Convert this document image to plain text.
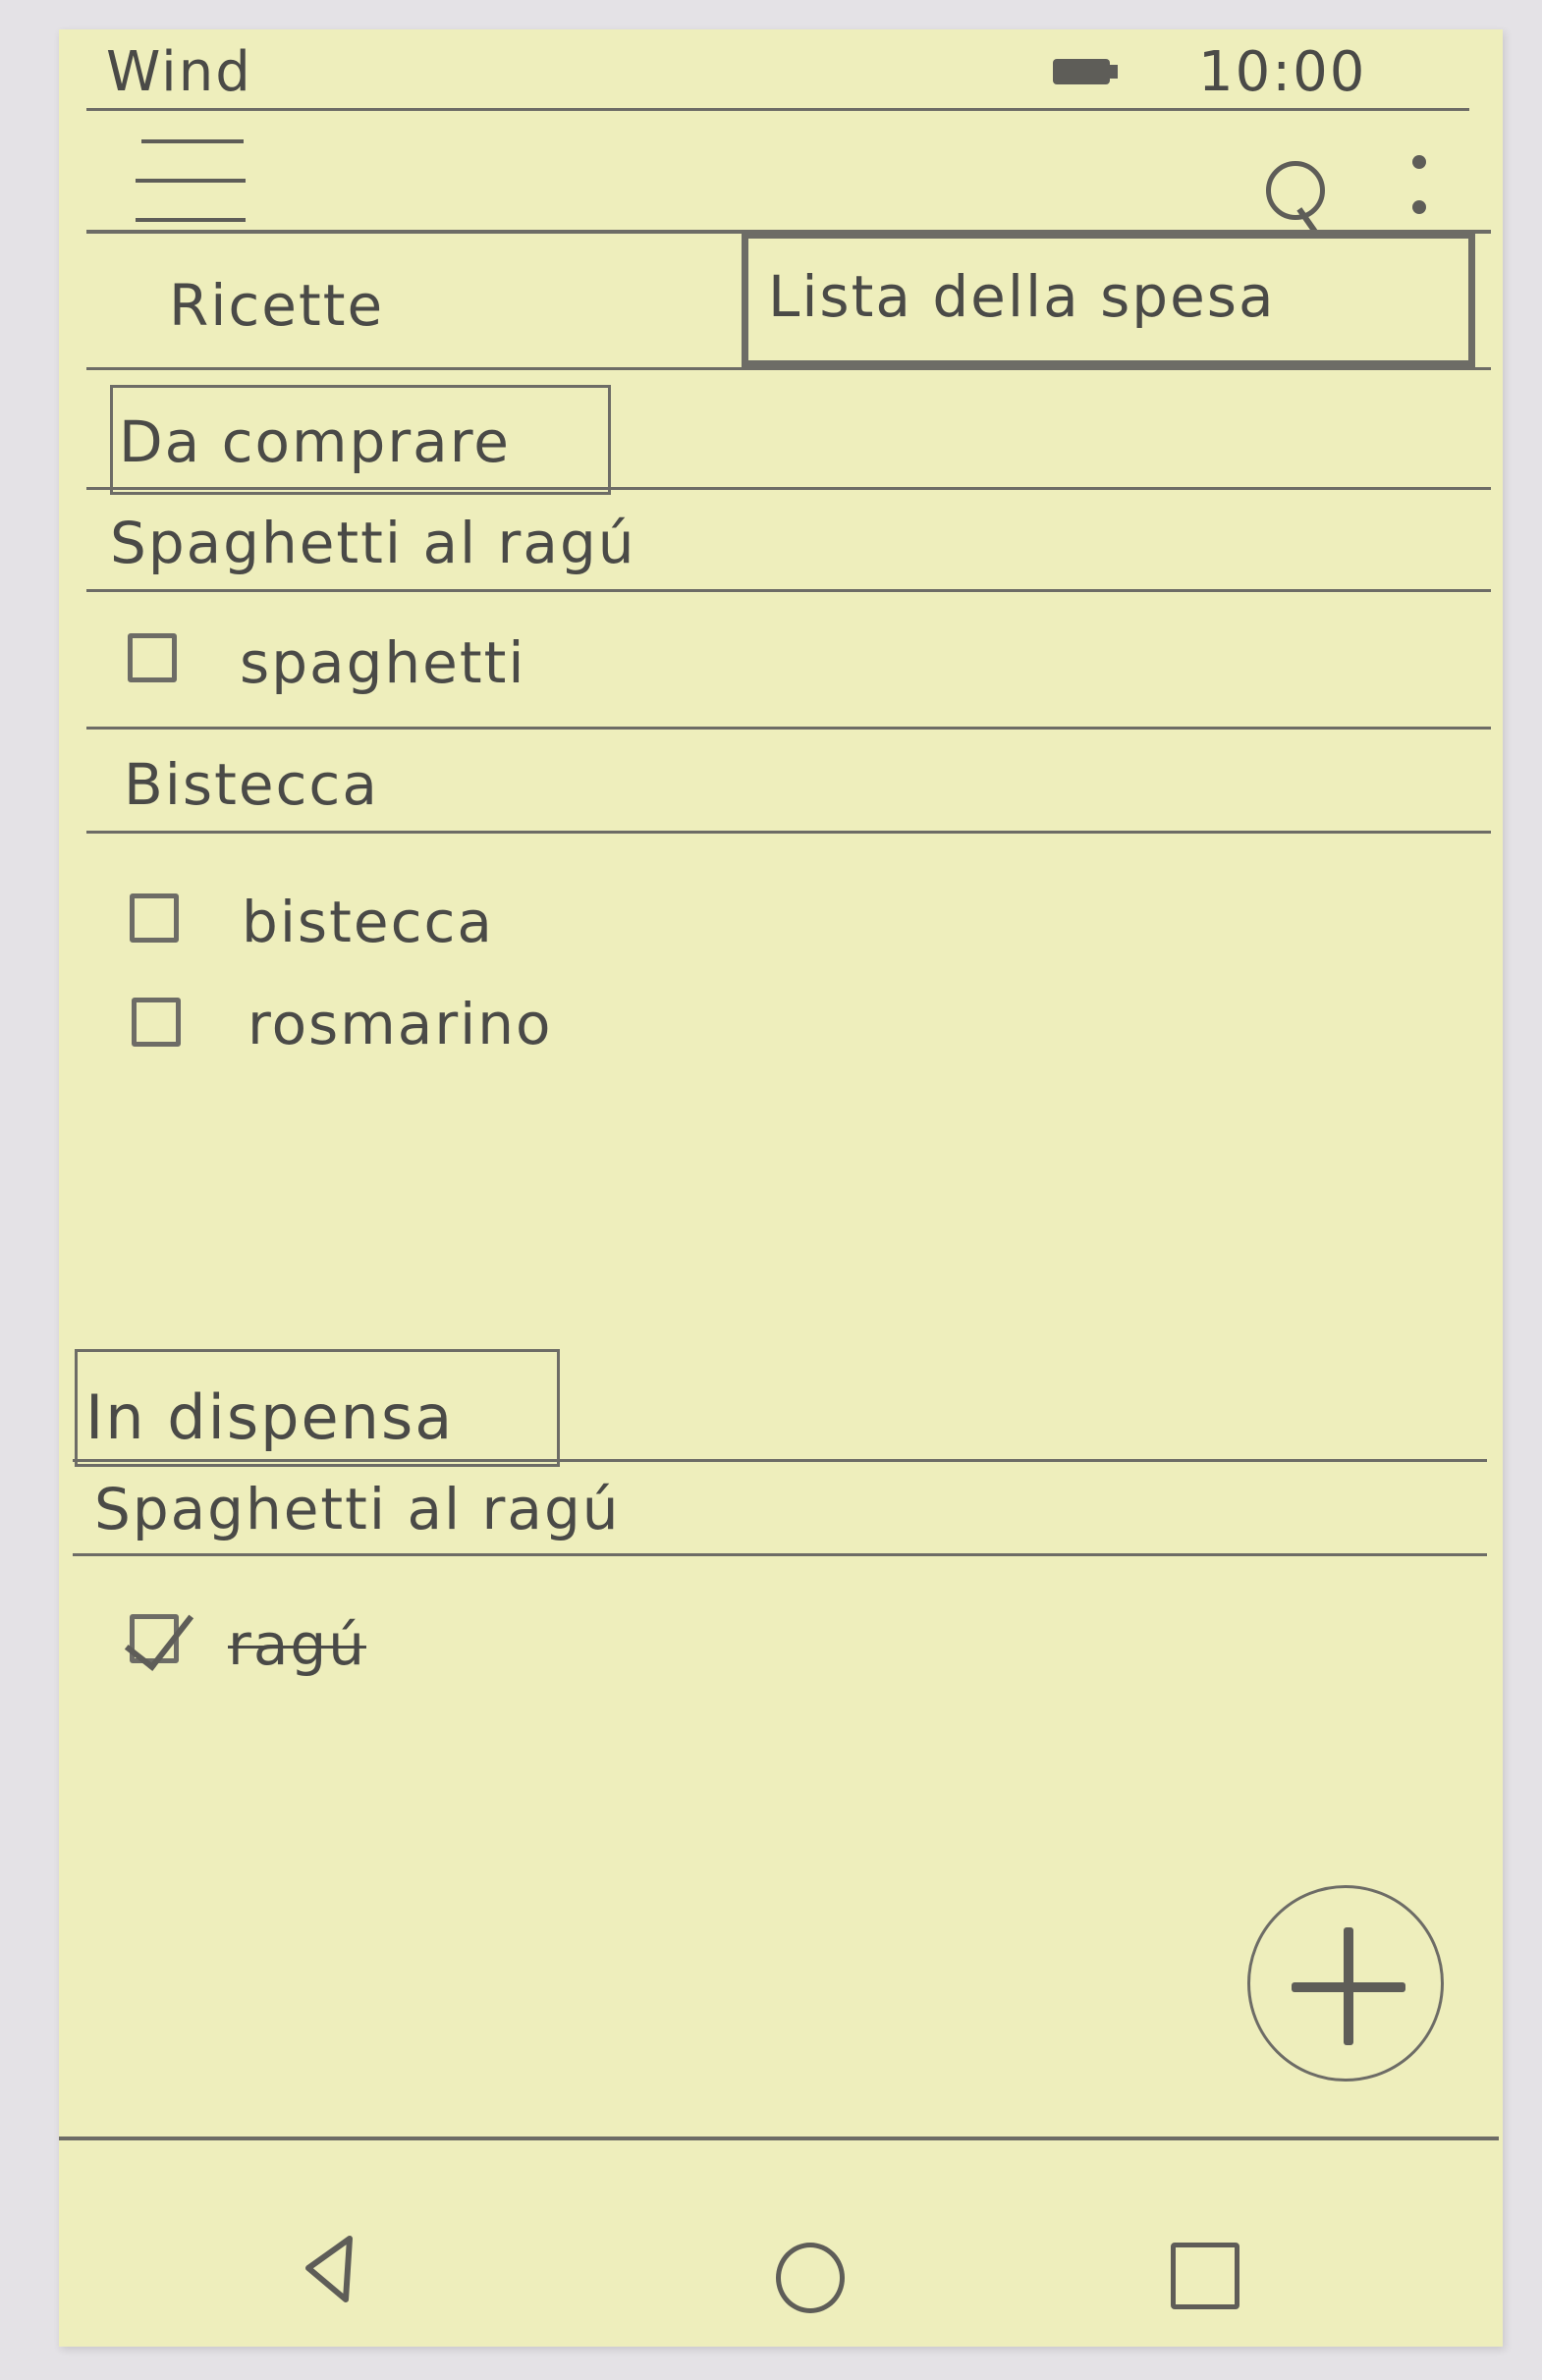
Wind	10:00
Ricette	Lista della spesa
Da comprare
Spaghetti al ragú
spaghetti
Bistecca
bistecca
rosmarino
In dispensa
Spaghetti al ragú
ragú
